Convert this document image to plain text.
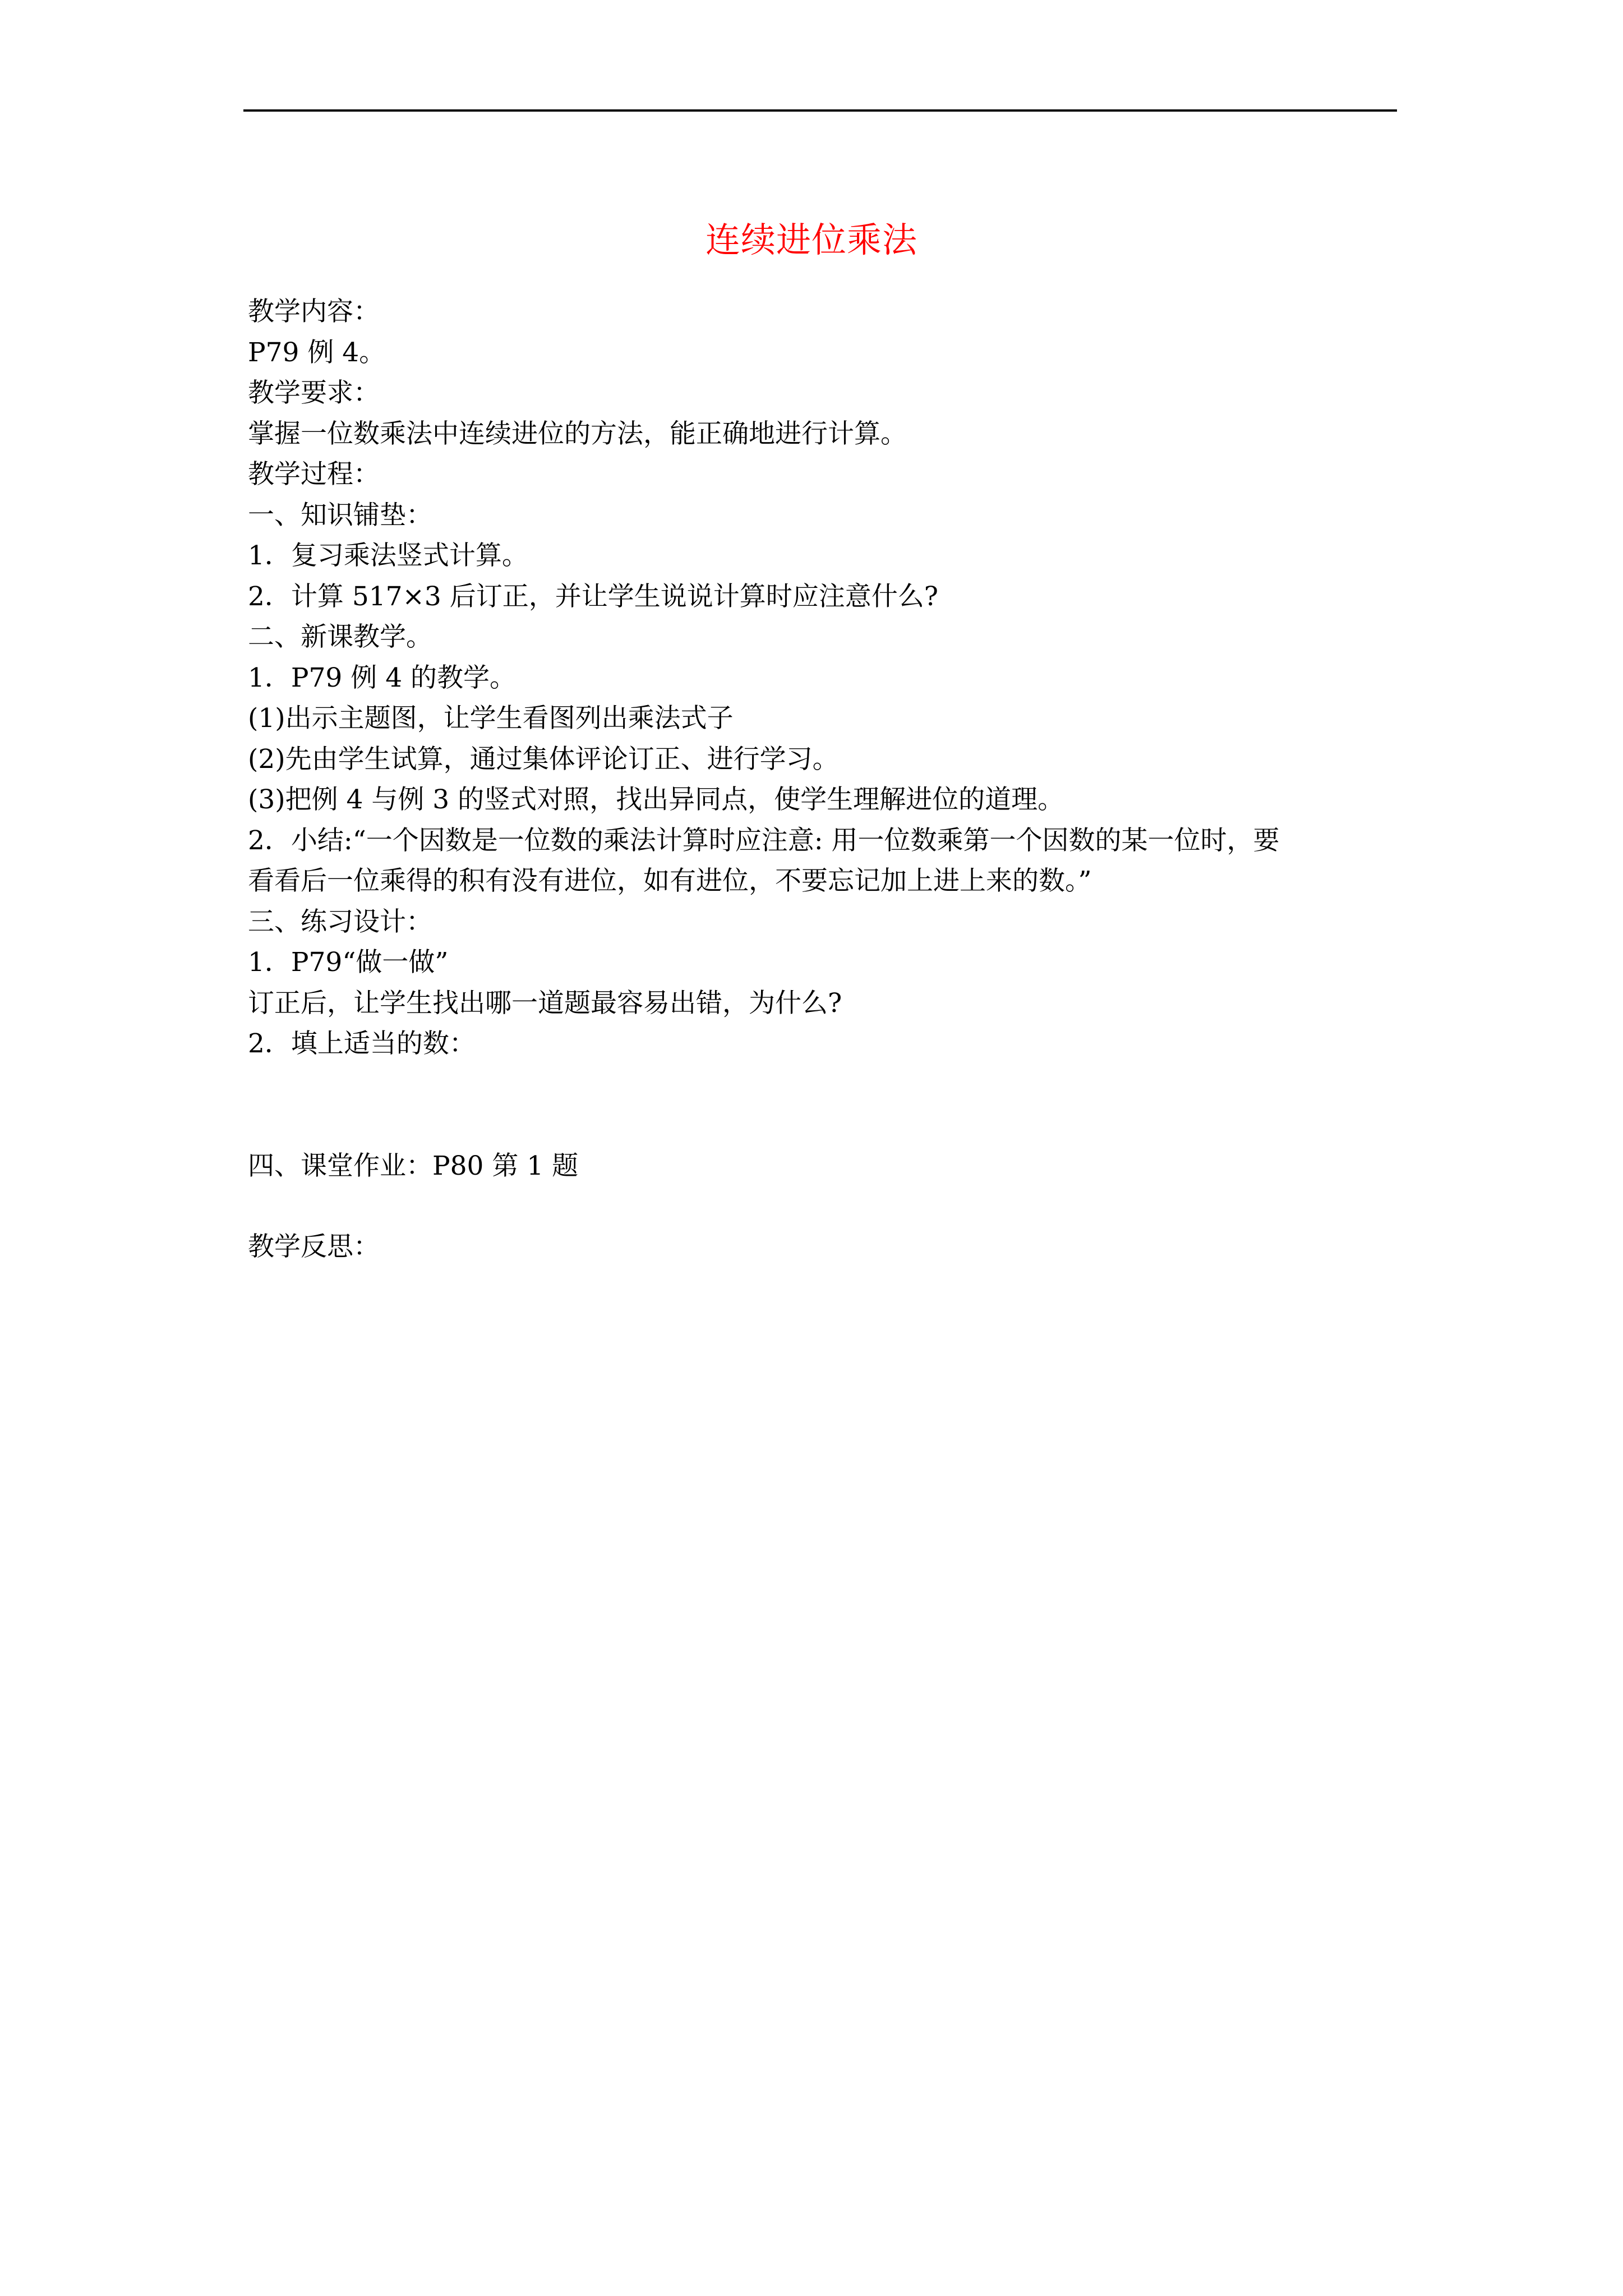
连续进位乘法
教学内容：
P79 例 4。
教学要求：
掌握一位数乘法中连续进位的方法，能正确地进行计算。
教学过程：
一、知识铺垫：
1．复习乘法竖式计算。
2．计算 517×3 后订正，并让学生说说计算时应注意什么?
二、新课教学。
1．P79 例 4 的教学。
(1)出示主题图，让学生看图列出乘法式子
(2)先由学生试算，通过集体评论订正、进行学习。
(3)把例 4 与例 3 的竖式对照，找出异同点，使学生理解进位的道理。
2．小结:“一个因数是一位数的乘法计算时应注意: 用一位数乘第一个因数的某一位时，要
看看后一位乘得的积有没有进位，如有进位，不要忘记加上进上来的数。”
三、练习设计：
1．P79“做一做”
订正后，让学生找出哪一道题最容易出错，为什么?
2．填上适当的数：
四、课堂作业：P80 第 1 题
教学反思：
